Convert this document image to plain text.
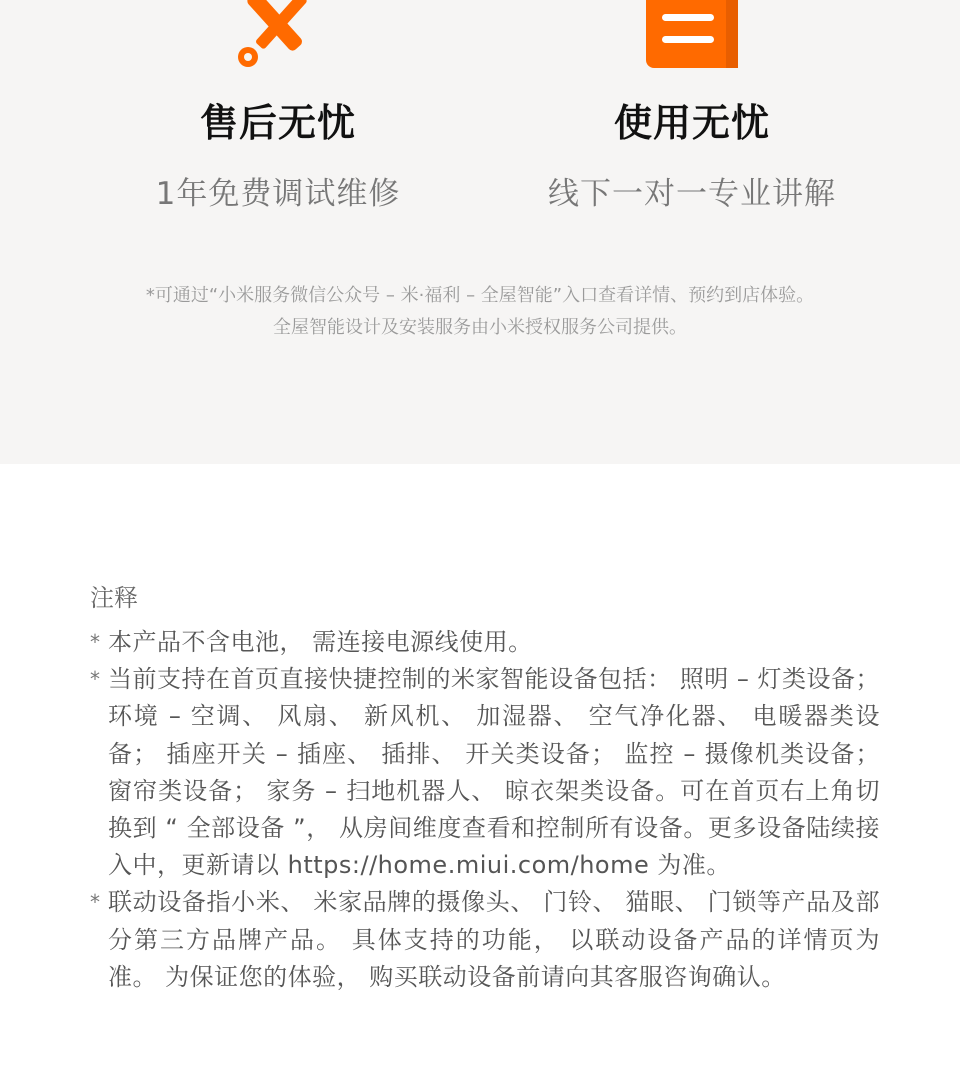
售后无忧
1年免费调试维修
使用无忧
线下一对一专业讲解
*可通过“小米服务微信公众号 – 米·福利 – 全屋智能”入口查看详情、预约到店体验。
全屋智能设计及安装服务由小米授权服务公司提供。
注释
* 本产品不含电池， 需连接电源线使用。
* 当前支持在首页直接快捷控制的米家智能设备包括： 照明 – 灯类设备； 环境 – 空调、 风扇、 新风机、 加湿器、 空气净化器、 电暖器类设备； 插座开关 – 插座、 插排、 开关类设备； 监控 – 摄像机类设备； 窗帘类设备； 家务 – 扫地机器人、 晾衣架类设备。可在首页右上角切换到 “ 全部设备 ”， 从房间维度查看和控制所有设备。更多设备陆续接入中，更新请以 https://home.miui.com/home 为准。
* 联动设备指小米、 米家品牌的摄像头、 门铃、 猫眼、 门锁等产品及部分第三方品牌产品。 具体支持的功能， 以联动设备产品的详情页为准。 为保证您的体验， 购买联动设备前请向其客服咨询确认。
